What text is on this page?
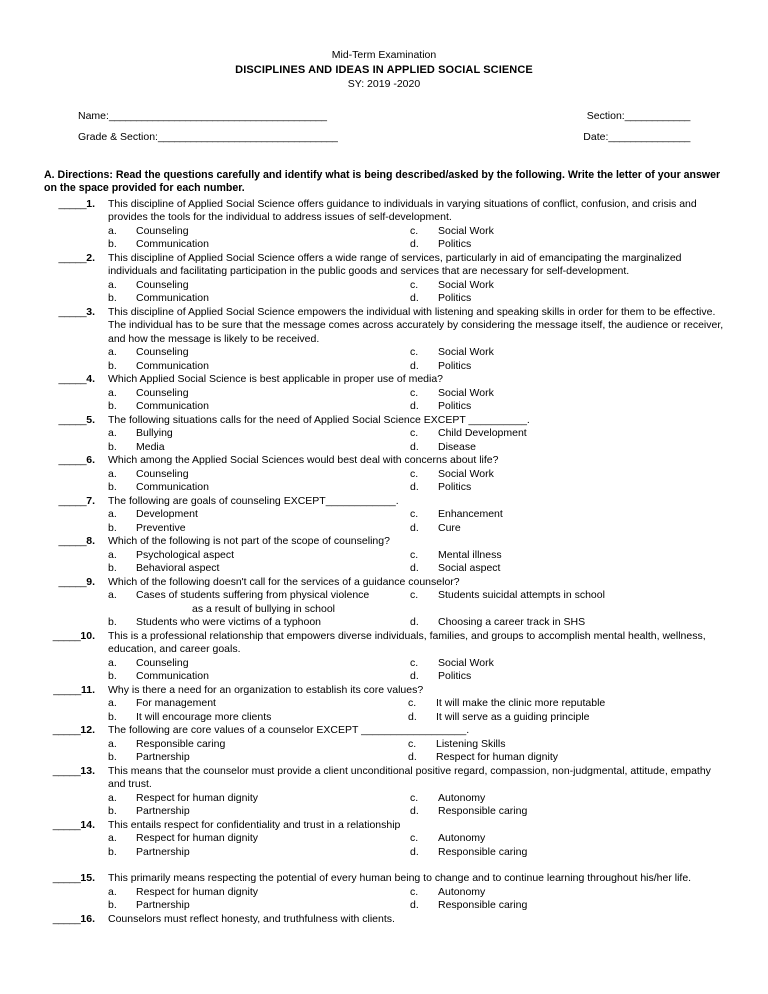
Mid-Term Examination
DISCIPLINES AND IDEAS IN APPLIED SOCIAL SCIENCE
SY: 2019 -2020
Name:________________________________________	Section:____________
Grade & Section:_________________________________	Date:_______________
A. Directions: Read the questions carefully and identify what is being described/asked by the following. Write the letter of your answer on the space provided for each number.
_____1.	This discipline of Applied Social Science offers guidance to individuals in varying situations of conflict, confusion, and crisis and provides the tools for the individual to address issues of self-development.
a.	Counseling	c.	Social Work
b.	Communication	d.	Politics
_____2.	This discipline of Applied Social Science offers a wide range of services, particularly in aid of emancipating the marginalized individuals and facilitating participation in the public goods and services that are necessary for self-development.
a.	Counseling	c.	Social Work
b.	Communication	d.	Politics
_____3.	This discipline of Applied Social Science empowers the individual with listening and speaking skills in order for them to be effective. The individual has to be sure that the message comes across accurately by considering the message itself, the audience or receiver, and how the message is likely to be received.
a.	Counseling	c.	Social Work
b.	Communication	d.	Politics
_____4.	Which Applied Social Science is best applicable in proper use of media?
a.	Counseling	c.	Social Work
b.	Communication	d.	Politics
_____5.	The following situations calls for the need of Applied Social Science EXCEPT __________.
a.	Bullying	c.	Child Development
b.	Media	d.	Disease
_____6.	Which among the Applied Social Sciences would best deal with concerns about life?
a.	Counseling	c.	Social Work
b.	Communication	d.	Politics
_____7.	The following are goals of counseling EXCEPT____________.
a.	Development	c.	Enhancement
b.	Preventive	d.	Cure
_____8.	Which of the following is not part of the scope of counseling?
a.	Psychological aspect	c.	Mental illness
b.	Behavioral aspect	d.	Social aspect
_____9.	Which of the following doesn't call for the services of a guidance counselor?
a.	Cases of students suffering from physical violence	c.	Students suicidal attempts in school
as a result of bullying in school
b.	Students who were victims of a typhoon	d.	Choosing a career track in SHS
_____10.	This is a professional relationship that empowers diverse individuals, families, and groups to accomplish mental health, wellness, education, and career goals.
a.	Counseling	c.	Social Work
b.	Communication	d.	Politics
_____11.	Why is there a need for an organization to establish its core values?
a.	For management	c.	It will make the clinic more reputable
b.	It will encourage more clients	d.	It will serve as a guiding principle
_____12.	The following are core values of a counselor EXCEPT __________________.
a.	Responsible caring	c.	Listening Skills
b.	Partnership	d.	Respect for human dignity
_____13.	This means that the counselor must provide a client unconditional positive regard, compassion, non-judgmental, attitude, empathy and trust.
a.	Respect for human dignity	c.	Autonomy
b.	Partnership	d.	Responsible caring
_____14.	This entails respect for confidentiality and trust in a relationship
a.	Respect for human dignity	c.	Autonomy
b.	Partnership	d.	Responsible caring
_____15.	This primarily means respecting the potential of every human being to change and to continue learning throughout his/her life.
a.	Respect for human dignity	c.	Autonomy
b.	Partnership	d.	Responsible caring
_____16.	Counselors must reflect honesty, and truthfulness with clients.
